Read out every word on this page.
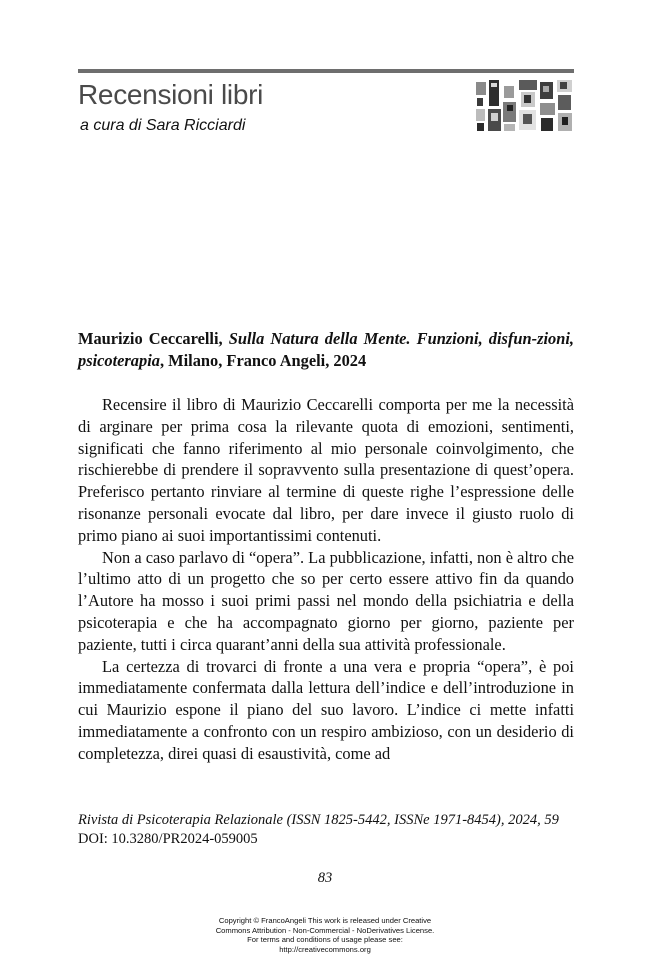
Recensioni libri
a cura di Sara Ricciardi

Maurizio Ceccarelli, Sulla Natura della Mente. Funzioni, disfun-zioni, psicoterapia, Milano, Franco Angeli, 2024

Recensire il libro di Maurizio Ceccarelli comporta per me la necessità di arginare per prima cosa la rilevante quota di emozioni, sentimenti, significati che fanno riferimento al mio personale coinvolgimento, che rischierebbe di prendere il sopravvento sulla presentazione di quest’opera. Preferisco pertanto rinviare al termine di queste righe l’espressione delle risonanze personali evocate dal libro, per dare invece il giusto ruolo di primo piano ai suoi importantissimi contenuti.

Non a caso parlavo di “opera”. La pubblicazione, infatti, non è altro che l’ultimo atto di un progetto che so per certo essere attivo fin da quando l’Autore ha mosso i suoi primi passi nel mondo della psichiatria e della psicoterapia e che ha accompagnato giorno per giorno, paziente per paziente, tutti i circa quarant’anni della sua attività professionale.

La certezza di trovarci di fronte a una vera e propria “opera”, è poi immediatamente confermata dalla lettura dell’indice e dell’introduzione in cui Maurizio espone il piano del suo lavoro. L’indice ci mette infatti immediatamente a confronto con un respiro ambizioso, con un desiderio di completezza, direi quasi di esaustività, come ad

Rivista di Psicoterapia Relazionale (ISSN 1825-5442, ISSNe 1971-8454), 2024, 59
DOI: 10.3280/PR2024-059005
83
Copyright © FrancoAngeli This work is released under Creative
Commons Attribution - Non-Commercial - NoDerivatives License.
For terms and conditions of usage please see:
http://creativecommons.org
